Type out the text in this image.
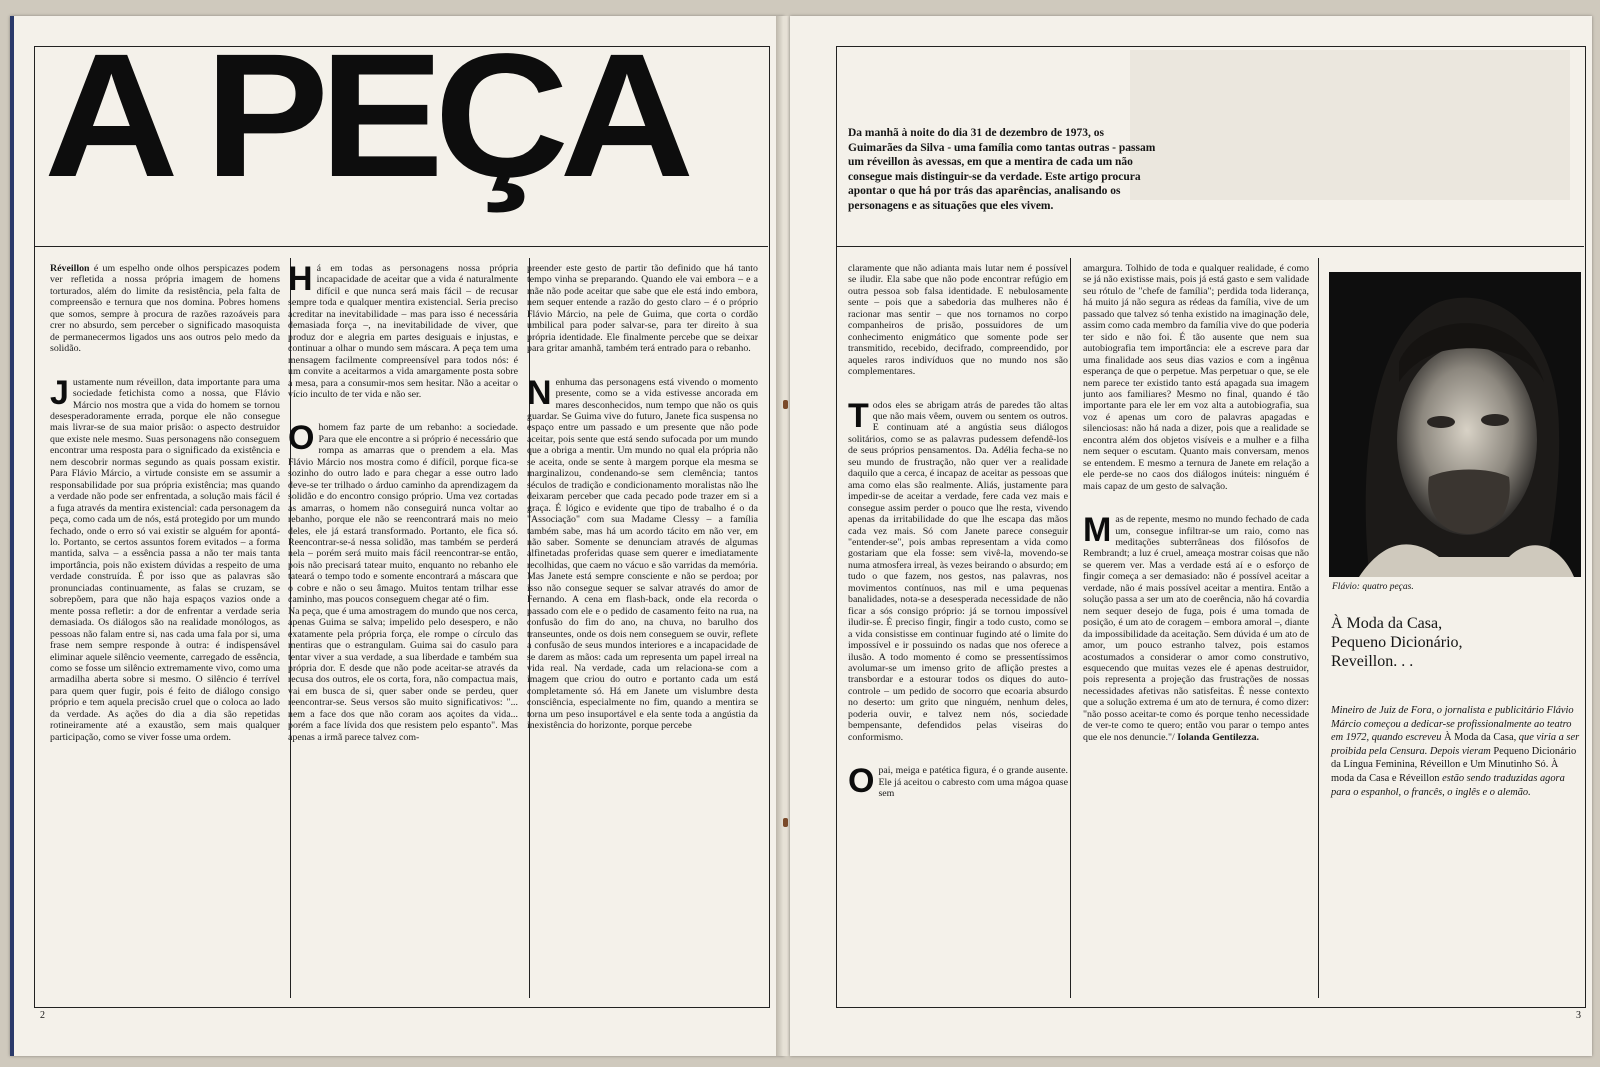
A PEÇA

Réveillon é um espelho onde olhos perspicazes podem ver refletida a nossa própria imagem de homens torturados, além do limite da resistência, pela falta de compreensão e ternura que nos domina. Pobres homens que somos, sempre à procura de razões razoáveis para crer no absurdo, sem perceber o significado masoquista de permanecermos ligados uns aos outros pelo medo da solidão.

Justamente num réveillon, data importante para uma sociedade fetichista como a nossa, que Flávio Márcio nos mostra que a vida do homem se tornou desesperadoramente errada, porque ele não consegue mais livrar-se de sua maior prisão: o aspecto destruidor que existe nele mesmo. Suas personagens não conseguem encontrar uma resposta para o significado da existência e nem descobrir normas segundo as quais possam existir. Para Flávio Márcio, a virtude consiste em se assumir a responsabilidade por sua própria existência; mas quando a verdade não pode ser enfrentada, a solução mais fácil é a fuga através da mentira existencial: cada personagem da peça, como cada um de nós, está protegido por um mundo fechado, onde o erro só vai existir se alguém for apontá-lo. Portanto, se certos assuntos forem evitados – a forma mantida, salva – a essência passa a não ter mais tanta importância, pois não existem dúvidas a respeito de uma verdade construída. É por isso que as palavras são pronunciadas continuamente, as falas se cruzam, se sobrepõem, para que não haja espaços vazios onde a mente possa refletir: a dor de enfrentar a verdade seria demasiada. Os diálogos são na realidade monólogos, as pessoas não falam entre si, nas cada uma fala por si, uma frase nem sempre responde à outra: é indispensável eliminar aquele silêncio veemente, carregado de essência, como se fosse um silêncio extremamente vivo, como uma armadilha aberta sobre si mesmo. O silêncio é terrível para quem quer fugir, pois é feito de diálogo consigo próprio e tem aquela precisão cruel que o coloca ao lado da verdade. As ações do dia a dia são repetidas rotineiramente até a exaustão, sem mais qualquer participação, como se viver fosse uma ordem.

Há em todas as personagens nossa própria incapacidade de aceitar que a vida é naturalmente difícil e que nunca será mais fácil – de recusar sempre toda e qualquer mentira existencial. Seria preciso acreditar na inevitabilidade – mas para isso é necessária demasiada força –, na inevitabilidade de viver, que produz dor e alegria em partes desiguais e injustas, e continuar a olhar o mundo sem máscara. A peça tem uma mensagem facilmente compreensível para todos nós: é um convite a aceitarmos a vida amargamente posta sobre a mesa, para a consumir-mos sem hesitar. Não a aceitar o vício inculto de ter vida e não ser.

Ohomem faz parte de um rebanho: a sociedade. Para que ele encontre a si próprio é necessário que rompa as amarras que o prendem a ela. Mas Flávio Márcio nos mostra como é difícil, porque fica-se sozinho do outro lado e para chegar a esse outro lado deve-se ter trilhado o árduo caminho da aprendizagem da solidão e do encontro consigo próprio. Uma vez cortadas as amarras, o homem não conseguirá nunca voltar ao rebanho, porque ele não se reencontrará mais no meio deles, ele já estará transformado. Portanto, ele fica só. Reencontrar-se-á nessa solidão, mas também se perderá nela – porém será muito mais fácil reencontrar-se então, pois não precisará tatear muito, enquanto no rebanho ele tateará o tempo todo e somente encontrará a máscara que o cobre e não o seu âmago. Muitos tentam trilhar esse caminho, mas poucos conseguem chegar até o fim.

Na peça, que é uma amostragem do mundo que nos cerca, apenas Guima se salva; impelido pelo desespero, e não exatamente pela própria força, ele rompe o círculo das mentiras que o estrangulam. Guima sai do casulo para tentar viver a sua verdade, a sua liberdade e também sua própria dor. E desde que não pode aceitar-se através da recusa dos outros, ele os corta, fora, não compactua mais, vai em busca de si, quer saber onde se perdeu, quer reencontrar-se. Seus versos são muito significativos: "... nem a face dos que não coram aos açoites da vida... porém a face lívida dos que resistem pelo espanto". Mas apenas a irmã parece talvez com-

preender este gesto de partir tão definido que há tanto tempo vinha se preparando. Quando ele vai embora – e a mãe não pode aceitar que sabe que ele está indo embora, nem sequer entende a razão do gesto claro – é o próprio Flávio Márcio, na pele de Guima, que corta o cordão umbilical para poder salvar-se, para ter direito à sua própria identidade. Ele finalmente percebe que se deixar para gritar amanhã, também terá entrado para o rebanho.

Nenhuma das personagens está vivendo o momento presente, como se a vida estivesse ancorada em mares desconhecidos, num tempo que não os quis guardar. Se Guima vive do futuro, Janete fica suspensa no espaço entre um passado e um presente que não pode aceitar, pois sente que está sendo sufocada por um mundo que a obriga a mentir. Um mundo no qual ela própria não se aceita, onde se sente à margem porque ela mesma se marginalizou, condenando-se sem clemência; tantos séculos de tradição e condicionamento moralistas não lhe deixaram perceber que cada pecado pode trazer em si a graça. É lógico e evidente que tipo de trabalho é o da "Associação" com sua Madame Clessy – a família também sabe, mas há um acordo tácito em não ver, em não saber. Somente se denunciam através de algumas alfinetadas proferidas quase sem querer e imediatamente recolhidas, que caem no vácuo e são varridas da memória. Mas Janete está sempre consciente e não se perdoa; por isso não consegue sequer se salvar através do amor de Fernando. A cena em flash-back, onde ela recorda o passado com ele e o pedido de casamento feito na rua, na confusão do fim do ano, na chuva, no barulho dos transeuntes, onde os dois nem conseguem se ouvir, reflete a confusão de seus mundos interiores e a incapacidade de se darem as mãos: cada um representa um papel irreal na vida real. Na verdade, cada um relaciona-se com a imagem que criou do outro e portanto cada um está completamente só. Há em Janete um vislumbre desta consciência, especialmente no fim, quando a mentira se torna um peso insuportável e ela sente toda a angústia da inexistência do horizonte, porque percebe

2

Da manhã à noite do dia 31 de dezembro de 1973, os Guimarães da Silva - uma família como tantas outras - passam um réveillon às avessas, em que a mentira de cada um não consegue mais distinguir-se da verdade. Este artigo procura apontar o que há por trás das aparências, analisando os personagens e as situações que eles vivem.

claramente que não adianta mais lutar nem é possível se iludir. Ela sabe que não pode encontrar refúgio em outra pessoa sob falsa identidade. E nebulosamente sente – pois que a sabedoria das mulheres não é racionar mas sentir – que nos tornamos no corpo companheiros de prisão, possuidores de um conhecimento enigmático que somente pode ser transmitido, recebido, decifrado, compreendido, por aqueles raros indivíduos que no mundo nos são complementares.

Todos eles se abrigam atrás de paredes tão altas que não mais vêem, ouvem ou sentem os outros. E continuam até a angústia seus diálogos solitários, como se as palavras pudessem defendê-los de seus próprios pensamentos. Da. Adélia fecha-se no seu mundo de frustração, não quer ver a realidade daquilo que a cerca, é incapaz de aceitar as pessoas que ama como elas são realmente. Aliás, justamente para impedir-se de aceitar a verdade, fere cada vez mais e consegue assim perder o pouco que lhe resta, vivendo apenas da irritabilidade do que lhe escapa das mãos cada vez mais. Só com Janete parece conseguir "entender-se", pois ambas representam a vida como gostariam que ela fosse: sem vivê-la, movendo-se numa atmosfera irreal, às vezes beirando o absurdo; em tudo o que fazem, nos gestos, nas palavras, nos movimentos contínuos, nas mil e uma pequenas banalidades, nota-se a desesperada necessidade de não ficar a sós consigo próprio: já se tornou impossível iludir-se. É preciso fingir, fingir a todo custo, como se a vida consistisse em continuar fugindo até o limite do impossível e ir possuindo os nadas que nos oferece a ilusão. A todo momento é como se pressentíssimos avolumar-se um imenso grito de aflição prestes a transbordar e a estourar todos os diques do auto-controle – um pedido de socorro que ecoaria absurdo no deserto: um grito que ninguém, nenhum deles, poderia ouvir, e talvez nem nós, sociedade bempensante, defendidos pelas viseiras do conformismo.

Opai, meiga e patética figura, é o grande ausente. Ele já aceitou o cabresto com uma mágoa quase sem

amargura. Tolhido de toda e qualquer realidade, é como se já não existisse mais, pois já está gasto e sem validade seu rótulo de "chefe de família"; perdida toda liderança, há muito já não segura as rédeas da família, vive de um passado que talvez só tenha existido na imaginação dele, assim como cada membro da família vive do que poderia ter sido e não foi. É tão ausente que nem sua autobiografia tem importância: ele a escreve para dar uma finalidade aos seus dias vazios e com a ingênua esperança de que o perpetue. Mas perpetuar o que, se ele nem parece ter existido tanto está apagada sua imagem junto aos familiares? Mesmo no final, quando é tão importante para ele ler em voz alta a autobiografia, sua voz é apenas um coro de palavras apagadas e silenciosas: não há nada a dizer, pois que a realidade se encontra além dos objetos visíveis e a mulher e a filha nem sequer o escutam. Quanto mais conversam, menos se entendem. E mesmo a ternura de Janete em relação a ele perde-se no caos dos diálogos inúteis: ninguém é mais capaz de um gesto de salvação.

Mas de repente, mesmo no mundo fechado de cada um, consegue infiltrar-se um raio, como nas meditações subterrâneas dos filósofos de Rembrandt; a luz é cruel, ameaça mostrar coisas que não se querem ver. Mas a verdade está aí e o esforço de fingir começa a ser demasiado: não é possível aceitar a verdade, não é mais possível aceitar a mentira. Então a solução passa a ser um ato de coerência, não há covardia nem sequer desejo de fuga, pois é uma tomada de posição, é um ato de coragem – embora amoral –, diante da impossibilidade da aceitação. Sem dúvida é um ato de amor, um pouco estranho talvez, pois estamos acostumados a considerar o amor como construtivo, esquecendo que muitas vezes ele é apenas destruidor, pois representa a projeção das frustrações de nossas necessidades afetivas não satisfeitas. É nesse contexto que a solução extrema é um ato de ternura, é como dizer: "não posso aceitar-te como és porque tenho necessidade de ver-te como te quero; então vou parar o tempo antes que ele nos denuncie."/ Iolanda Gentilezza.

Flávio: quatro peças.

À Moda da Casa, Pequeno Dicionário, Reveillon. . .

Mineiro de Juiz de Fora, o jornalista e publicitário Flávio Márcio começou a dedicar-se profissionalmente ao teatro em 1972, quando escreveu À Moda da Casa, que viria a ser proibida pela Censura. Depois vieram Pequeno Dicionário da Língua Feminina, Réveillon e Um Minutinho Só. À moda da Casa e Réveillon estão sendo traduzidas agora para o espanhol, o francês, o inglês e o alemão.

3
